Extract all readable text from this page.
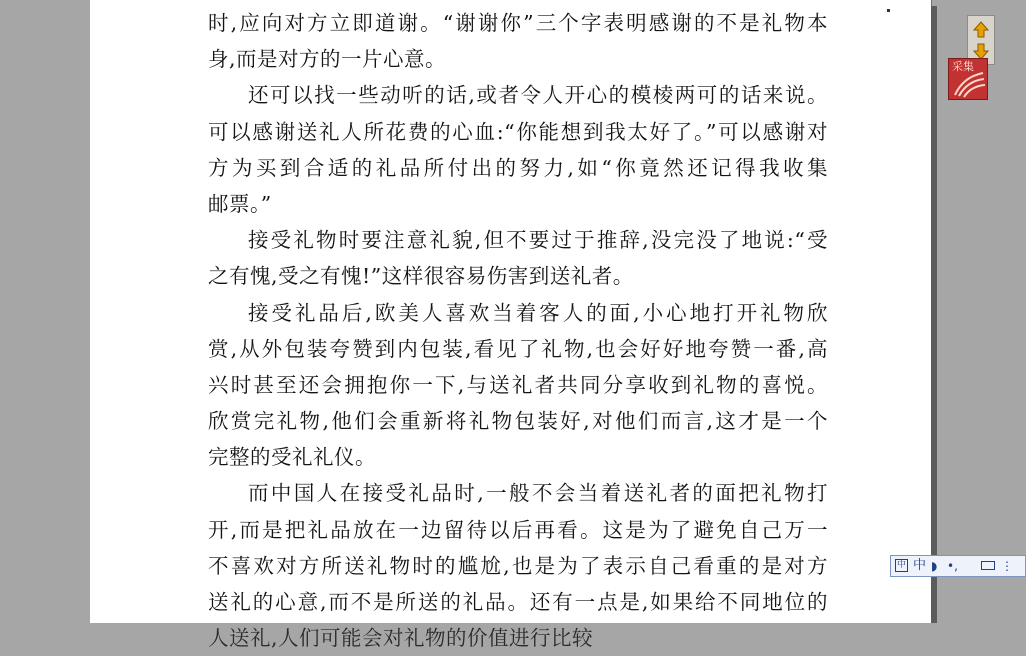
时,应向对方立即道谢。“谢谢你”三个字表明感谢的不是礼物本
身,而是对方的一片心意。
还可以找一些动听的话,或者令人开心的模棱两可的话来说。
可以感谢送礼人所花费的心血:“你能想到我太好了。”可以感谢对
方为买到合适的礼品所付出的努力,如“你竟然还记得我收集
邮票。”
接受礼物时要注意礼貌,但不要过于推辞,没完没了地说:“受
之有愧,受之有愧!”这样很容易伤害到送礼者。
接受礼品后,欧美人喜欢当着客人的面,小心地打开礼物欣
赏,从外包装夸赞到内包装,看见了礼物,也会好好地夸赞一番,高
兴时甚至还会拥抱你一下,与送礼者共同分享收到礼物的喜悦。
欣赏完礼物,他们会重新将礼物包装好,对他们而言,这才是一个
完整的受礼礼仪。
而中国人在接受礼品时,一般不会当着送礼者的面把礼物打
开,而是把礼品放在一边留待以后再看。这是为了避免自己万一
不喜欢对方所送礼物时的尴尬,也是为了表示自己看重的是对方
送礼的心意,而不是所送的礼品。还有一点是,如果给不同地位的
人送礼,人们可能会对礼物的价值进行比较
采集
中 中 ◗ •,	⋮
